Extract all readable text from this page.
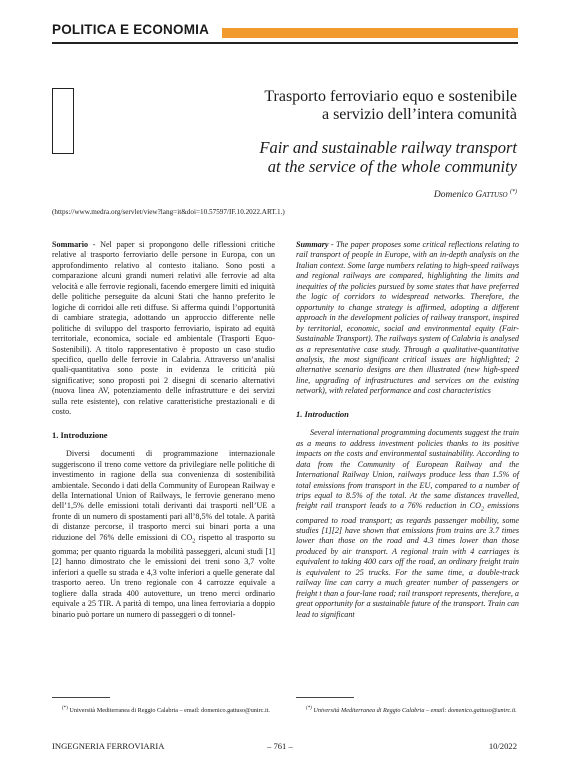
POLITICA E ECONOMIA
Trasporto ferroviario equo e sostenibile
a servizio dell’intera comunità
Fair and sustainable railway transport
at the service of the whole community
Domenico Gattuso (*)
(https://www.medra.org/servlet/view?lang=it&doi=10.57597/IF.10.2022.ART.1.)

Sommario - Nel paper si propongono delle riflessioni critiche relative al trasporto ferroviario delle persone in Europa, con un approfondimento relativo al contesto italiano. Sono posti a comparazione alcuni grandi numeri relativi alle ferrovie ad alta velocità e alle ferrovie regionali, facendo emergere limiti ed iniquità delle politiche perseguite da alcuni Stati che hanno preferito le logiche di corridoi alle reti diffuse. Si afferma quindi l’opportunità di cambiare strategia, adottando un approccio differente nelle politiche di sviluppo del trasporto ferroviario, ispirato ad equità territoriale, economica, sociale ed ambientale (Trasporti Equo-Sostenibili). A titolo rappresentativo è proposto un caso studio specifico, quello delle ferrovie in Calabria. Attraverso un’analisi quali-quantitativa sono poste in evidenza le criticità più significative; sono proposti poi 2 disegni di scenario alternativi (nuova linea AV, potenziamento delle infrastrutture e dei servizi sulla rete esistente), con relative caratteristiche prestazionali e di costo.

1. Introduzione

Diversi documenti di programmazione internazionale suggeriscono il treno come vettore da privilegiare nelle politiche di investimento in ragione della sua convenienza di sostenibilità ambientale. Secondo i dati della Community of European Railway e della International Union of Railways, le ferrovie generano meno dell’1,5% delle emissioni totali derivanti dai trasporti nell’UE a fronte di un numero di spostamenti pari all’8,5% del totale. A parità di distanze percorse, il trasporto merci sui binari porta a una riduzione del 76% delle emissioni di $CO_2$ rispetto al trasporto su gomma; per quanto riguarda la mobilità passeggeri, alcuni studi [1][2] hanno dimostrato che le emissioni dei treni sono 3,7 volte inferiori a quelle su strada e 4,3 volte inferiori a quelle generate dal trasporto aereo. Un treno regionale con 4 carrozze equivale a togliere dalla strada 400 autovetture, un treno merci ordinario equivale a 25 TIR. A parità di tempo, una linea ferroviaria a doppio binario può portare un numero di passeggeri o di tonnel-

Summary - The paper proposes some critical reflections relating to rail transport of people in Europe, with an in-depth analysis on the Italian context. Some large numbers relating to high-speed railways and regional railways are compared, highlighting the limits and inequities of the policies pursued by some states that have preferred the logic of corridors to widespread networks. Therefore, the opportunity to change strategy is affirmed, adopting a different approach in the development policies of railway transport, inspired by territorial, economic, social and environmental equity (Fair-Sustainable Transport). The railways system of Calabria is analysed as a representative case study. Through a qualitative-quantitative analysis, the most significant critical issues are highlighted; 2 alternative scenario designs are then illustrated (new high-speed line, upgrading of infrastructures and services on the existing network), with related performance and cost characteristics

1. Introduction

Several international programming documents suggest the train as a means to address investment policies thanks to its positive impacts on the costs and environmental sustainability. According to data from the Community of European Railway and the International Railway Union, railways produce less than 1.5% of total emissions from transport in the EU, compared to a number of trips equal to 8.5% of the total. At the same distances travelled, freight rail transport leads to a 76% reduction in $CO_2$ emissions compared to road transport; as regards passenger mobility, some studies [1][2] have shown that emissions from trains are 3.7 times lower than those on the road and 4.3 times lower than those produced by air transport. A regional train with 4 carriages is equivalent to taking 400 cars off the road, an ordinary freight train is equivalent to 25 trucks. For the same time, a double-track railway line can carry a much greater number of passengers or freight t than a four-lane road; rail transport represents, therefore, a great opportunity for a sustainable future of the transport. Train can lead to significant

(*) Università Mediterranea di Reggio Calabria – email: domenico.gattuso@unirc.it.	(*) Università Mediterranea di Reggio Calabria – email: domenico.gattuso@unirc.it.
INGEGNERIA FERROVIARIA	– 761 –	10/2022
